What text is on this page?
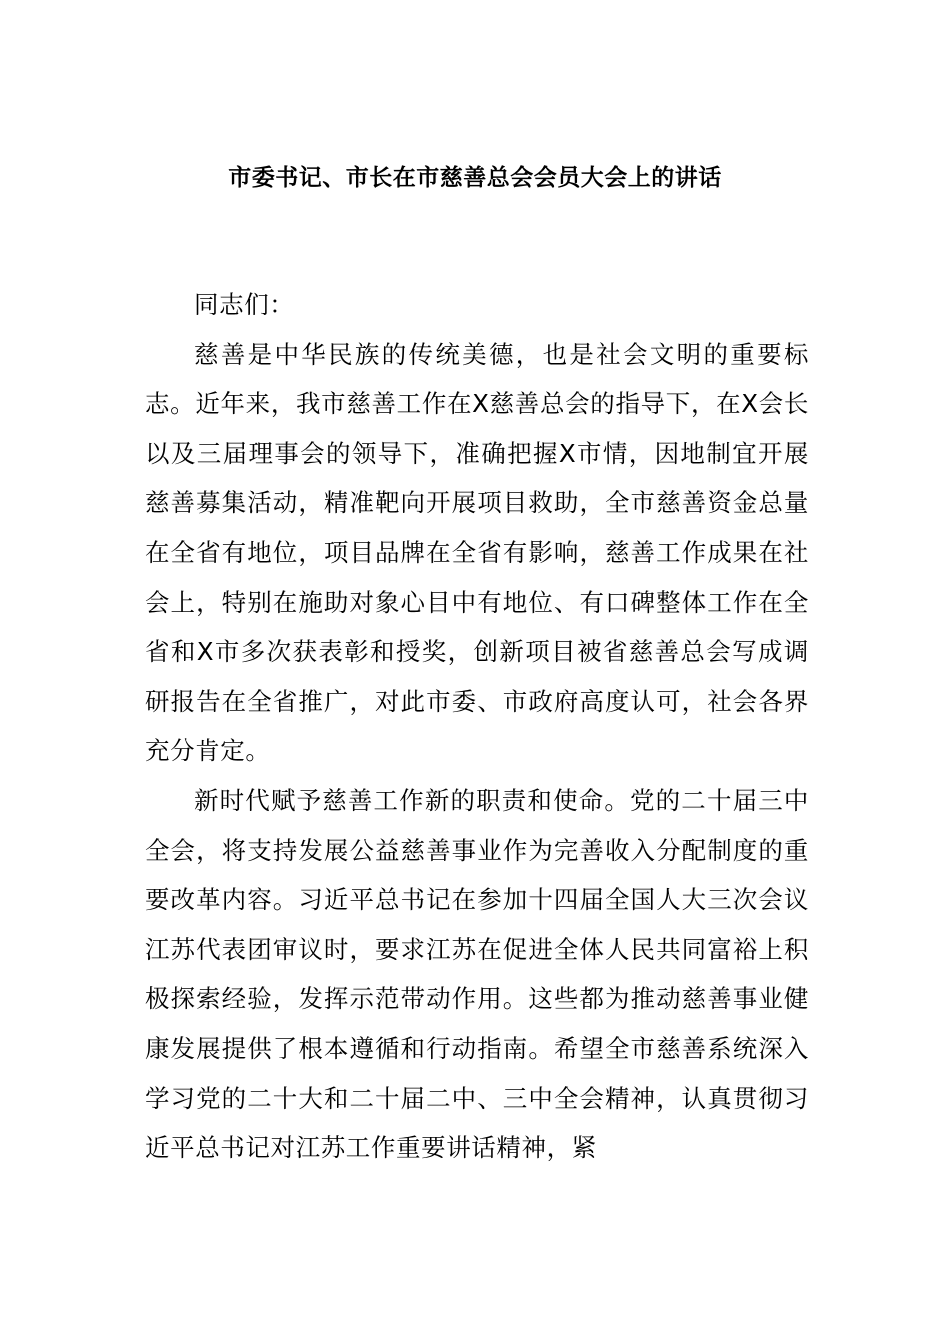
市委书记、市长在市慈善总会会员大会上的讲话

同志们：

慈善是中华民族的传统美德，也是社会文明的重要标志。近年来，我市慈善工作在X慈善总会的指导下，在X会长以及三届理事会的领导下，准确把握X市情，因地制宜开展慈善募集活动，精准靶向开展项目救助，全市慈善资金总量在全省有地位，项目品牌在全省有影响，慈善工作成果在社会上，特别在施助对象心目中有地位、有口碑整体工作在全省和X市多次获表彰和授奖，创新项目被省慈善总会写成调研报告在全省推广，对此市委、市政府高度认可，社会各界充分肯定。

新时代赋予慈善工作新的职责和使命。党的二十届三中全会，将支持发展公益慈善事业作为完善收入分配制度的重要改革内容。习近平总书记在参加十四届全国人大三次会议江苏代表团审议时，要求江苏在促进全体人民共同富裕上积极探索经验，发挥示范带动作用。这些都为推动慈善事业健康发展提供了根本遵循和行动指南。希望全市慈善系统深入学习党的二十大和二十届二中、三中全会精神，认真贯彻习近平总书记对江苏工作重要讲话精神，紧
